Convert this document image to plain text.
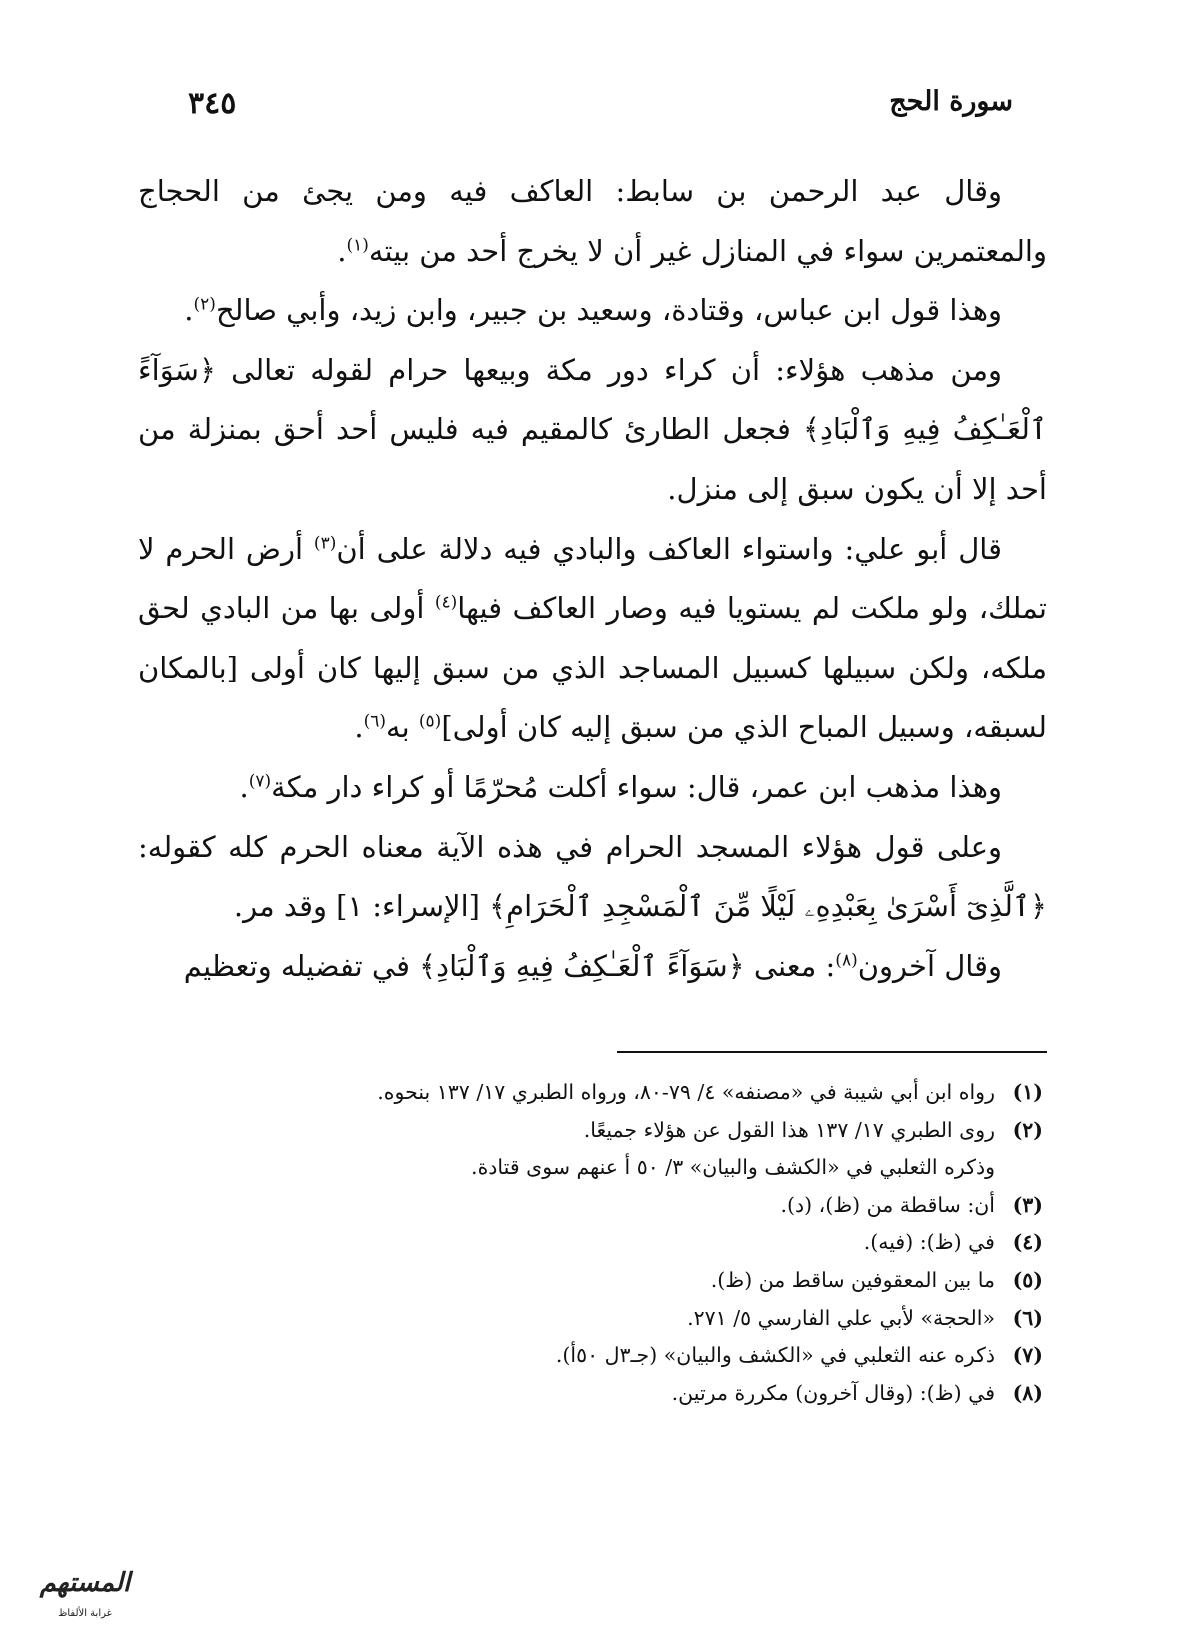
سورة الحج
٣٤٥

وقال عبد الرحمن بن سابط: العاكف فيه ومن يجئ من الحجاج والمعتمرين سواء في المنازل غير أن لا يخرج أحد من بيته$^{(١)}$.

وهذا قول ابن عباس، وقتادة، وسعيد بن جبير، وابن زيد، وأبي صالح$^{(٢)}$.

ومن مذهب هؤلاء: أن كراء دور مكة وبيعها حرام لقوله تعالى ﴿سَوَآءً ٱلْعَـٰكِفُ فِيهِ وَٱلْبَادِ﴾ فجعل الطارئ كالمقيم فيه فليس أحد أحق بمنزلة من أحد إلا أن يكون سبق إلى منزل.

قال أبو علي: واستواء العاكف والبادي فيه دلالة على أن$^{(٣)}$ أرض الحرم لا تملك، ولو ملكت لم يستويا فيه وصار العاكف فيها$^{(٤)}$ أولى بها من البادي لحق ملكه، ولكن سبيلها كسبيل المساجد الذي من سبق إليها كان أولى [بالمكان لسبقه، وسبيل المباح الذي من سبق إليه كان أولى]$^{(٥)}$ به$^{(٦)}$.

وهذا مذهب ابن عمر، قال: سواء أكلت مُحرّمًا أو كراء دار مكة$^{(٧)}$.

وعلى قول هؤلاء المسجد الحرام في هذه الآية معناه الحرم كله كقوله: ﴿ٱلَّذِىٓ أَسْرَىٰ بِعَبْدِهِۦ لَيْلًا مِّنَ ٱلْمَسْجِدِ ٱلْحَرَامِ﴾ [الإسراء: ١] وقد مر.

وقال آخرون$^{(٨)}$: معنى ﴿سَوَآءً ٱلْعَـٰكِفُ فِيهِ وَٱلْبَادِ﴾ في تفضيله وتعظيم

(١)
رواه ابن أبي شيبة في «مصنفه» ٤/ ٧٩-٨٠، ورواه الطبري ١٧/ ١٣٧ بنحوه.
(٢)
روى الطبري ١٧/ ١٣٧ هذا القول عن هؤلاء جميعًا.
وذكره الثعلبي في «الكشف والبيان» ٣/ ٥٠ أ عنهم سوى قتادة.
(٣)
أن: ساقطة من (ظ)، (د).
(٤)
في (ظ): (فيه).
(٥)
ما بين المعقوفين ساقط من (ظ).
(٦)
«الحجة» لأبي علي الفارسي ٥/ ٢٧١.
(٧)
ذكره عنه الثعلبي في «الكشف والبيان» (جـ٣ل ٥٠أ).
(٨)
في (ظ): (وقال آخرون) مكررة مرتين.
المستهم
غرابة الألفاظ
